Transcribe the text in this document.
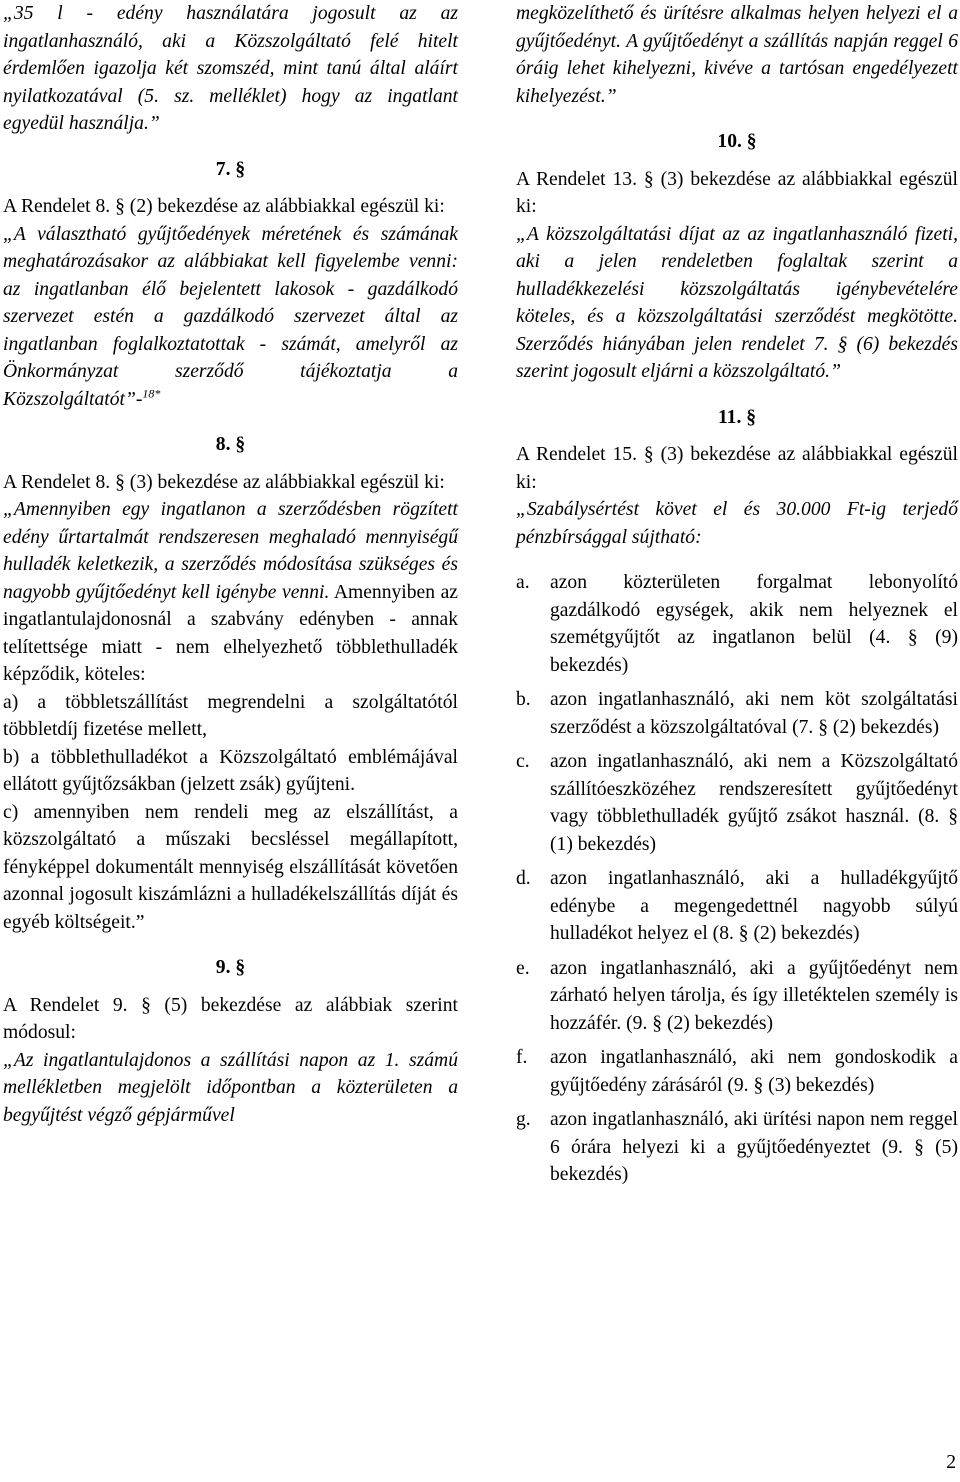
„35 l - edény használatára jogosult az az ingatlanhasználó, aki a Közszolgáltató felé hitelt érdemlően igazolja két szomszéd, mint tanú által aláírt nyilatkozatával (5. sz. melléklet) hogy az ingatlant egyedül használja.”

7. §

A Rendelet 8. § (2) bekezdése az alábbiakkal egészül ki:

„A választható gyűjtőedények méretének és számának meghatározásakor az alábbiakat kell figyelembe venni: az ingatlanban élő bejelentett lakosok - gazdálkodó szervezet estén a gazdálkodó szervezet által az ingatlanban foglalkoztatottak - számát, amelyről az Önkormányzat szerződő tájékoztatja a Közszolgáltatót”-$^{18*}$

8. §

A Rendelet 8. § (3) bekezdése az alábbiakkal egészül ki:

„Amennyiben egy ingatlanon a szerződésben rögzített edény űrtartalmát rendszeresen meghaladó mennyiségű hulladék keletkezik, a szerződés módosítása szükséges és nagyobb gyűjtőedényt kell igénybe venni. Amennyiben az ingatlantulajdonosnál a szabvány edényben - annak telítettsége miatt - nem elhelyezhető többlethulladék képződik, köteles:

a) a többletszállítást megrendelni a szolgáltatótól többletdíj fizetése mellett,

b) a többlethulladékot a Közszolgáltató emblémájával ellátott gyűjtőzsákban (jelzett zsák) gyűjteni.

c) amennyiben nem rendeli meg az elszállítást, a közszolgáltató a műszaki becsléssel megállapított, fényképpel dokumentált mennyiség elszállítását követően azonnal jogosult kiszámlázni a hulladékelszállítás díját és egyéb költségeit.”

9. §

A Rendelet 9. § (5) bekezdése az alábbiak szerint módosul:

„Az ingatlantulajdonos a szállítási napon az 1. számú mellékletben megjelölt időpontban a közterületen a begyűjtést végző gépjárművel

megközelíthető és ürítésre alkalmas helyen helyezi el a gyűjtőedényt. A gyűjtőedényt a szállítás napján reggel 6 óráig lehet kihelyezni, kivéve a tartósan engedélyezett kihelyezést.”

10. §

A Rendelet 13. § (3) bekezdése az alábbiakkal egészül ki:

„A közszolgáltatási díjat az az ingatlanhasználó fizeti, aki a jelen rendeletben foglaltak szerint a hulladékkezelési közszolgáltatás igénybevételére köteles, és a közszolgáltatási szerződést megkötötte. Szerződés hiányában jelen rendelet 7. § (6) bekezdés szerint jogosult eljárni a közszolgáltató.”

11. §

A Rendelet 15. § (3) bekezdése az alábbiakkal egészül ki:

„Szabálysértést követ el és 30.000 Ft-ig terjedő pénzbírsággal sújtható:

a.	azon közterületen forgalmat lebonyolító gazdálkodó egységek, akik nem helyeznek el szemétgyűjtőt az ingatlanon belül (4. § (9) bekezdés)
b. azon ingatlanhasználó, aki nem köt szolgáltatási szerződést a közszolgáltatóval (7. § (2) bekezdés)
c.	azon ingatlanhasználó, aki nem a Közszolgáltató szállítóeszközéhez rendszeresített gyűjtőedényt vagy többlethulladék gyűjtő zsákot használ. (8. § (1) bekezdés)
d. azon ingatlanhasználó, aki a hulladékgyűjtő edénybe a megengedettnél nagyobb súlyú hulladékot helyez el (8. § (2) bekezdés)
e.	azon ingatlanhasználó, aki a gyűjtőedényt nem zárható helyen tárolja, és így illetéktelen személy is hozzáfér. (9. § (2) bekezdés)
f.	azon ingatlanhasználó, aki nem gondoskodik a gyűjtőedény zárásáról (9. § (3) bekezdés)
g. azon ingatlanhasználó, aki ürítési napon nem reggel 6 órára helyezi ki a gyűjtőedényeztet (9. § (5) bekezdés)
2
